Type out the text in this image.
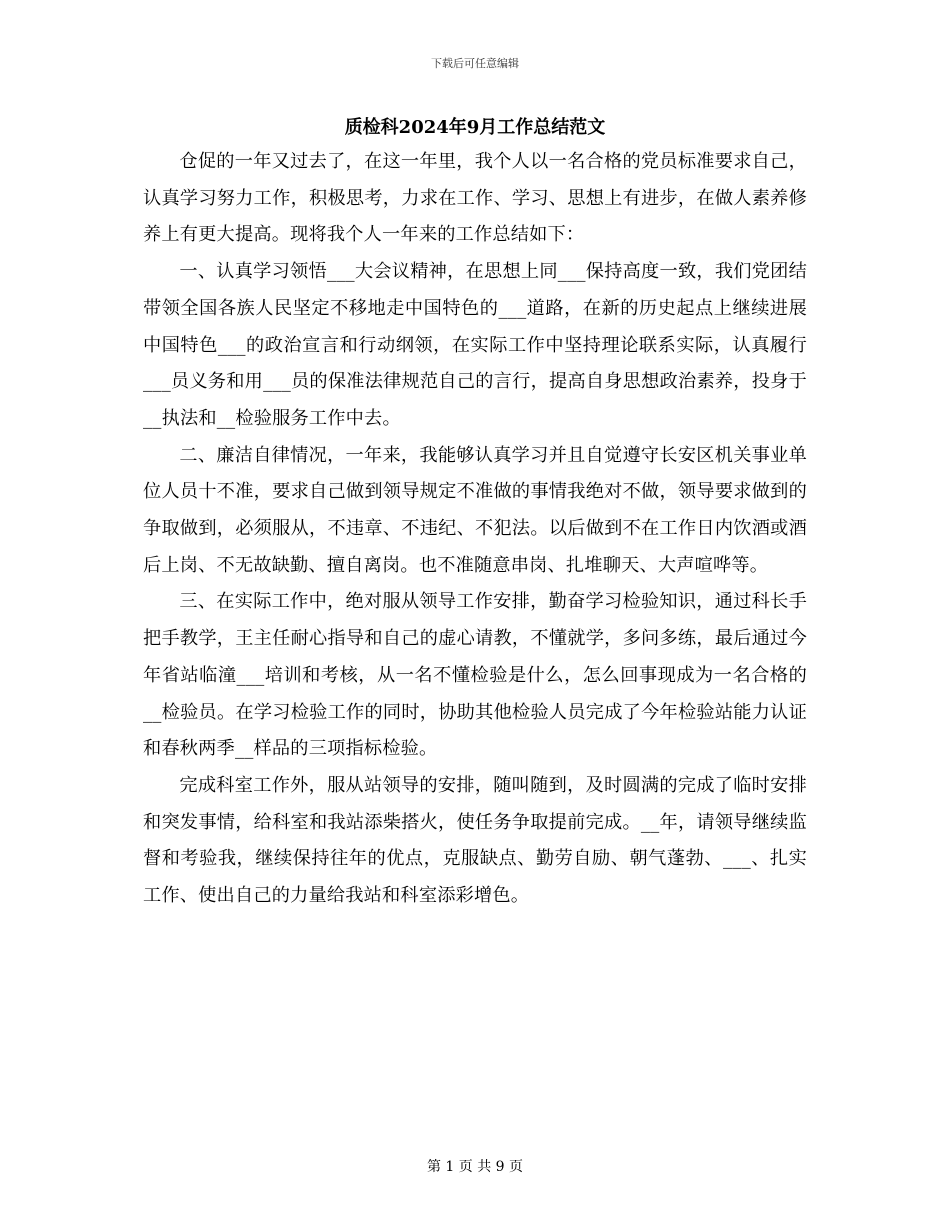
下载后可任意编辑
质检科2024年9月工作总结范文

仓促的一年又过去了，在这一年里，我个人以一名合格的党员标准要求自己，认真学习努力工作，积极思考，力求在工作、学习、思想上有进步，在做人素养修养上有更大提高。现将我个人一年来的工作总结如下：

一、认真学习领悟___大会议精神，在思想上同___保持高度一致，我们党团结带领全国各族人民坚定不移地走中国特色的___道路，在新的历史起点上继续进展中国特色___的政治宣言和行动纲领，在实际工作中坚持理论联系实际，认真履行___员义务和用___员的保准法律规范自己的言行，提高自身思想政治素养，投身于__执法和__检验服务工作中去。

二、廉洁自律情况，一年来，我能够认真学习并且自觉遵守长安区机关事业单位人员十不准，要求自己做到领导规定不准做的事情我绝对不做，领导要求做到的争取做到，必须服从，不违章、不违纪、不犯法。以后做到不在工作日内饮酒或酒后上岗、不无故缺勤、擅自离岗。也不准随意串岗、扎堆聊天、大声喧哗等。

三、在实际工作中，绝对服从领导工作安排，勤奋学习检验知识，通过科长手把手教学，王主任耐心指导和自己的虚心请教，不懂就学，多问多练，最后通过今年省站临潼___培训和考核，从一名不懂检验是什么，怎么回事现成为一名合格的__检验员。在学习检验工作的同时，协助其他检验人员完成了今年检验站能力认证和春秋两季__样品的三项指标检验。

完成科室工作外，服从站领导的安排，随叫随到，及时圆满的完成了临时安排和突发事情，给科室和我站添柴搭火，使任务争取提前完成。__年，请领导继续监督和考验我，继续保持往年的优点，克服缺点、勤劳自励、朝气蓬勃、___、扎实工作、使出自己的力量给我站和科室添彩增色。

第 1 页 共 9 页
